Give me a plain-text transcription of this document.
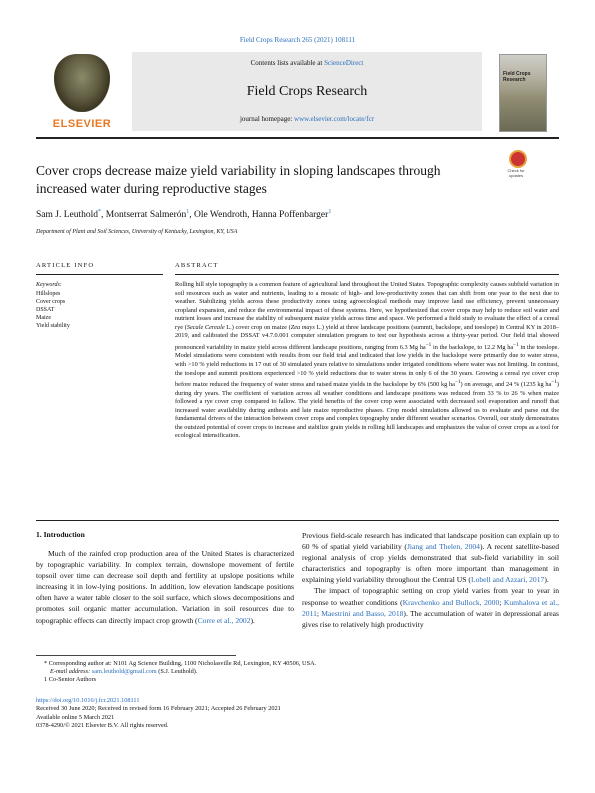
Field Crops Research 265 (2021) 108111
ELSEVIER
Contents lists available at ScienceDirect
Field Crops Research
journal homepage: www.elsevier.com/locate/fcr
Field Crops Research
Cover crops decrease maize yield variability in sloping landscapes through
increased water during reproductive stages
Check for updates
Sam J. Leuthold*, Montserrat Salmerón$^1$, Ole Wendroth, Hanna Poffenbarger$^1$
Department of Plant and Soil Sciences, University of Kentucky, Lexington, KY, USA
ARTICLE INFO	ABSTRACT
Keywords:
Hillslopes
Cover crops
DSSAT
Maize
Yield stability
Rolling hill style topography is a common feature of agricultural land throughout the United States. Topographic complexity causes subfield variation in soil resources such as water and nutrients, leading to a mosaic of high- and low-productivity zones that can shift from one year to the next due to weather. Stabilizing yields across these productivity zones using agroecological methods may improve land use efficiency, prevent unnecessary cropland expansion, and reduce the environmental impact of these systems. Here, we hypothesized that cover crops may help to reduce soil water and nutrient losses and increase the stability of subsequent maize yields across time and space. We performed a field study to evaluate the effect of a cereal rye (Secale Cereale L.) cover crop on maize (Zea mays L.) yield at three landscape positions (summit, backslope, and toeslope) in Central KY in 2018–2019, and calibrated the DSSAT v4.7.0.001 computer simulation program to test our hypothesis across a thirty-year period. Our field trial showed pronounced variability in maize yield across different landscape positions, ranging from 6.3 Mg $ha^{-1}$ in the backslope, to 12.2 Mg $ha^{-1}$ in the toeslope. Model simulations were consistent with results from our field trial and indicated that low yields in the backslope were primarily due to water stress, with >10 % yield reductions in 17 out of 30 simulated years relative to simulations under irrigated conditions where water was not limiting. In contrast, the toeslope and summit positions experienced >10 % yield reductions due to water stress in only 6 of the 30 years. Growing a cereal rye cover crop before maize reduced the frequency of water stress and raised maize yields in the backslope by 6% (500 kg $ha^{-1}$) on average, and 24 % (1235 kg $ha^{-1}$) during dry years. The coefficient of variation across all weather conditions and landscape positions was reduced from 33 % to 26 % when maize followed a rye cover crop compared to fallow. The yield benefits of the cover crop were associated with decreased soil evaporation and runoff that increased water availability during anthesis and late maize reproductive phases. Crop model simulations allowed us to evaluate and parse out the fundamental drivers of the interaction between cover crops and complex topography under different weather scenarios. Overall, our study demonstrates the outsized potential of cover crops to increase and stabilize grain yields in rolling hill landscapes and emphasizes the value of cover crops as a tool for ecological intensification.
1. Introduction

Much of the rainfed crop production area of the United States is characterized by topographic variability. In complex terrain, downslope movement of fertile topsoil over time can decrease soil depth and fertility at upslope positions while increasing it in low-lying positions. In addition, low elevation landscape positions often have a water table closer to the soil surface, which slows decompositions and promotes soil organic matter accumulation. Variation in soil resources due to topographic effects can directly impact crop growth (Corre et al., 2002).

Previous field-scale research has indicated that landscape position can explain up to 60 % of spatial yield variability (Jiang and Thelen, 2004). A recent satellite-based regional analysis of crop yields demonstrated that sub-field variability in soil characteristics and topography is often more important than management in explaining yield variability throughout the Central US (Lobell and Azzari, 2017).

The impact of topographic setting on crop yield varies from year to year in response to weather conditions (Kravchenko and Bullock, 2000; Kumhalova et al., 2011; Maestrini and Basso, 2018). The accumulation of water in depressional areas gives rise to relatively high productivity

* Corresponding author at: N101 Ag Science Building, 1100 Nicholasville Rd, Lexington, KY 40506, USA.
E-mail address: sam.leuthold@gmail.com (S.J. Leuthold).
1 Co-Senior Authors
https://doi.org/10.1016/j.fcr.2021.108111
Received 30 June 2020; Received in revised form 16 February 2021; Accepted 26 February 2021
Available online 5 March 2021
0378-4290/© 2021 Elsevier B.V. All rights reserved.
